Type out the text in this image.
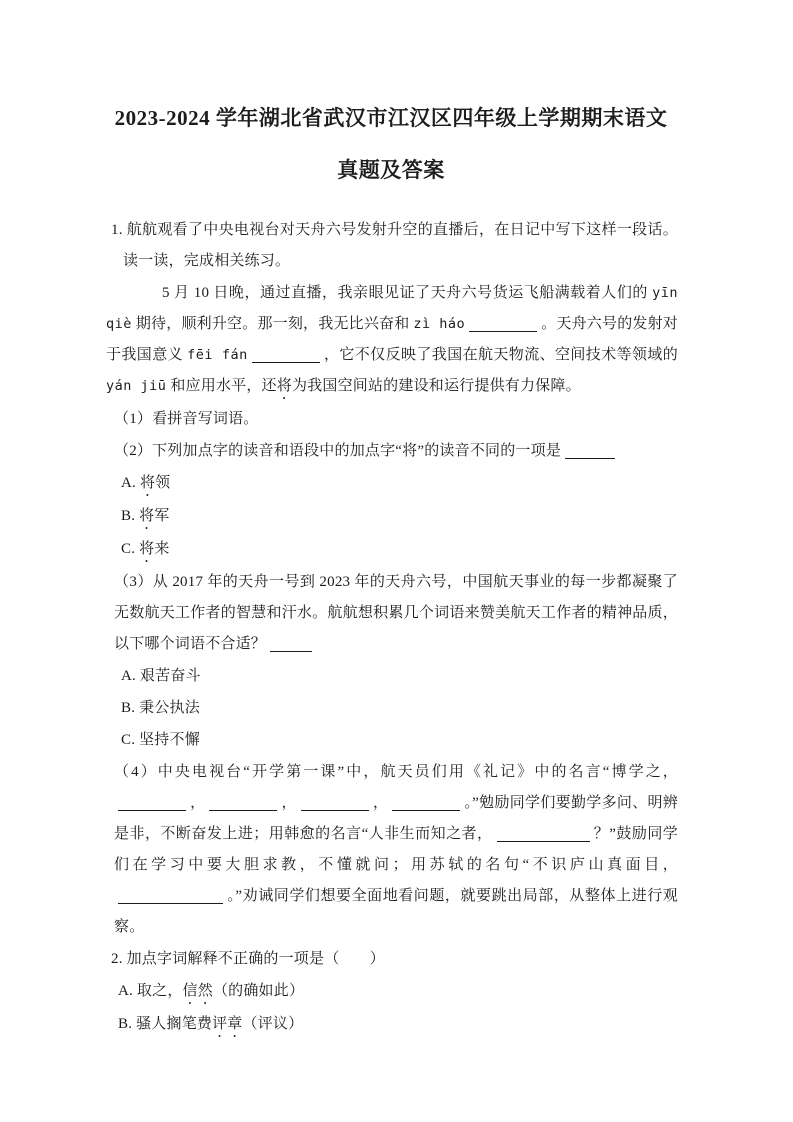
2023-2024 学年湖北省武汉市江汉区四年级上学期期末语文
真题及答案

1. 航航观看了中央电视台对天舟六号发射升空的直播后，在日记中写下这样一段话。读一读，完成相关练习。

5 月 10 日晚，通过直播，我亲眼见证了天舟六号货运飞船满载着人们的 yīn qiè 期待，顺利升空。那一刻，我无比兴奋和 zì háo	。天舟六号的发射对于我国意义 fēi fán	，它不仅反映了我国在航天物流、空间技术等领域的 yán jiū 和应用水平，还将为我国空间站的建设和运行提供有力保障。

（1）看拼音写词语。

（2）下列加点字的读音和语段中的加点字“将”的读音不同的一项是

A. 将领

B. 将军

C. 将来

（3）从 2017 年的天舟一号到 2023 年的天舟六号，中国航天事业的每一步都凝聚了无数航天工作者的智慧和汗水。航航想积累几个词语来赞美航天工作者的精神品质，以下哪个词语不合适？

A. 艰苦奋斗

B. 秉公执法

C. 坚持不懈

（4）中央电视台“开学第一课”中，航天员们用《礼记》中的名言“博学之，，	，	，	。”勉励同学们要勤学多问、明辨是非，不断奋发上进；用韩愈的名言“人非生而知之者，	？”鼓励同学们在学习中要大胆求教，不懂就问；用苏轼的名句“不识庐山真面目，。”劝诫同学们想要全面地看问题，就要跳出局部，从整体上进行观察。

2. 加点字词解释不正确的一项是（　　）

A. 取之，信然（的确如此）

B. 骚人搁笔费评章（评议）
